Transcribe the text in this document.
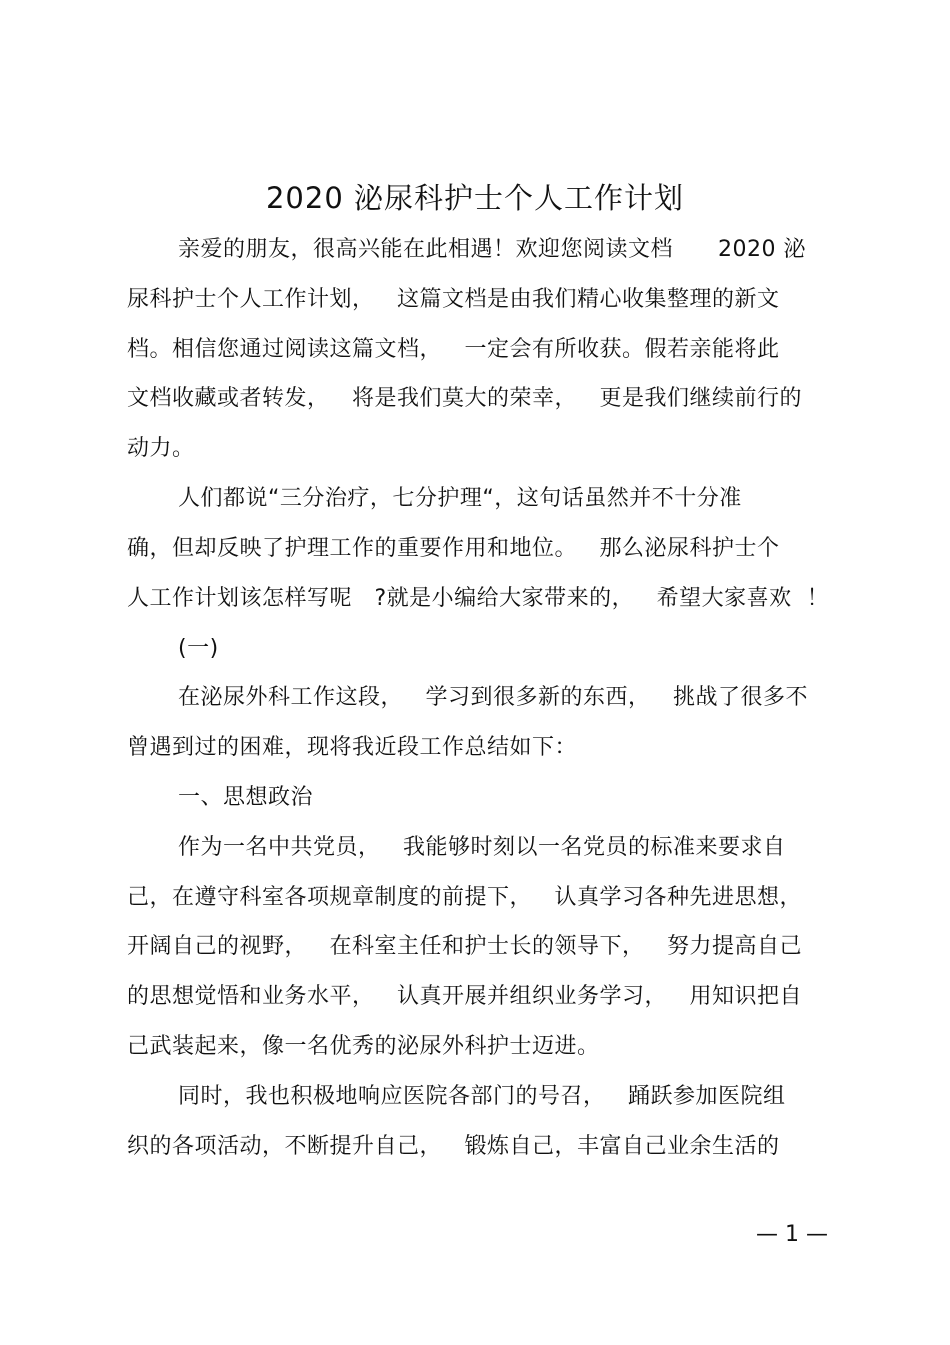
2020 泌尿科护士个人工作计划
亲爱的朋友，很高兴能在此相遇！欢迎您阅读文档      2020 泌
尿科护士个人工作计划，   这篇文档是由我们精心收集整理的新文
档。相信您通过阅读这篇文档，   一定会有所收获。假若亲能将此
文档收藏或者转发，   将是我们莫大的荣幸，   更是我们继续前行的
动力。
人们都说“三分治疗，七分护理“，这句话虽然并不十分准
确，但却反映了护理工作的重要作用和地位。   那么泌尿科护士个
人工作计划该怎样写呢   ?就是小编给大家带来的，   希望大家喜欢  ！
(一)
在泌尿外科工作这段，   学习到很多新的东西，   挑战了很多不
曾遇到过的困难，现将我近段工作总结如下：
一、思想政治
作为一名中共党员，   我能够时刻以一名党员的标准来要求自
己，在遵守科室各项规章制度的前提下，   认真学习各种先进思想，
开阔自己的视野，   在科室主任和护士长的领导下，   努力提高自己
的思想觉悟和业务水平，   认真开展并组织业务学习，   用知识把自
己武装起来，像一名优秀的泌尿外科护士迈进。
同时，我也积极地响应医院各部门的号召，   踊跃参加医院组
织的各项活动，不断提升自己，   锻炼自己，丰富自己业余生活的
— 1 —
